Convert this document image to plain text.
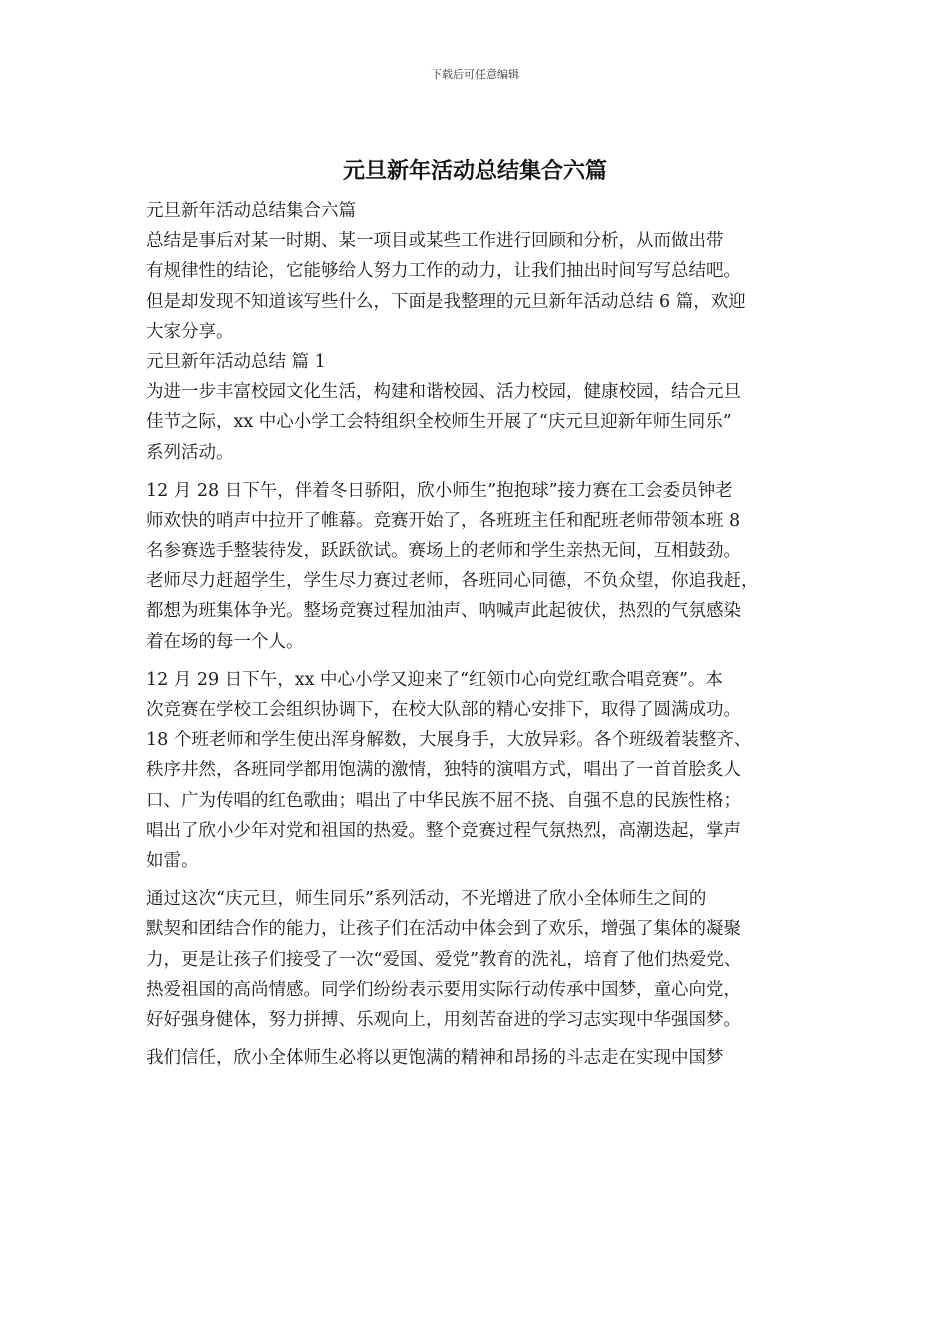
下载后可任意编辑
元旦新年活动总结集合六篇
元旦新年活动总结集合六篇
总结是事后对某一时期、某一项目或某些工作进行回顾和分析，从而做出带
有规律性的结论，它能够给人努力工作的动力，让我们抽出时间写写总结吧。
但是却发现不知道该写些什么，下面是我整理的元旦新年活动总结 6 篇，欢迎
大家分享。
元旦新年活动总结 篇 1
为进一步丰富校园文化生活，构建和谐校园、活力校园，健康校园，结合元旦
佳节之际，xx 中心小学工会特组织全校师生开展了“庆元旦迎新年师生同乐”
系列活动。
12 月 28 日下午，伴着冬日骄阳，欣小师生”抱抱球”接力赛在工会委员钟老
师欢快的哨声中拉开了帷幕。竞赛开始了，各班班主任和配班老师带领本班 8
名参赛选手整装待发，跃跃欲试。赛场上的老师和学生亲热无间，互相鼓劲。
老师尽力赶超学生，学生尽力赛过老师，各班同心同德，不负众望，你追我赶，
都想为班集体争光。整场竞赛过程加油声、呐喊声此起彼伏，热烈的气氛感染
着在场的每一个人。
12 月 29 日下午，xx 中心小学又迎来了“红领巾心向党红歌合唱竞赛”。本
次竞赛在学校工会组织协调下，在校大队部的精心安排下，取得了圆满成功。
18 个班老师和学生使出浑身解数，大展身手，大放异彩。各个班级着装整齐、
秩序井然，各班同学都用饱满的激情，独特的演唱方式，唱出了一首首脍炙人
口、广为传唱的红色歌曲；唱出了中华民族不屈不挠、自强不息的民族性格；
唱出了欣小少年对党和祖国的热爱。整个竞赛过程气氛热烈，高潮迭起，掌声
如雷。
通过这次“庆元旦，师生同乐”系列活动，不光增进了欣小全体师生之间的
默契和团结合作的能力，让孩子们在活动中体会到了欢乐，增强了集体的凝聚
力，更是让孩子们接受了一次“爱国、爱党”教育的洗礼，培育了他们热爱党、
热爱祖国的高尚情感。同学们纷纷表示要用实际行动传承中国梦，童心向党，
好好强身健体，努力拼搏、乐观向上，用刻苦奋进的学习志实现中华强国梦。
我们信任，欣小全体师生必将以更饱满的精神和昂扬的斗志走在实现中国梦
